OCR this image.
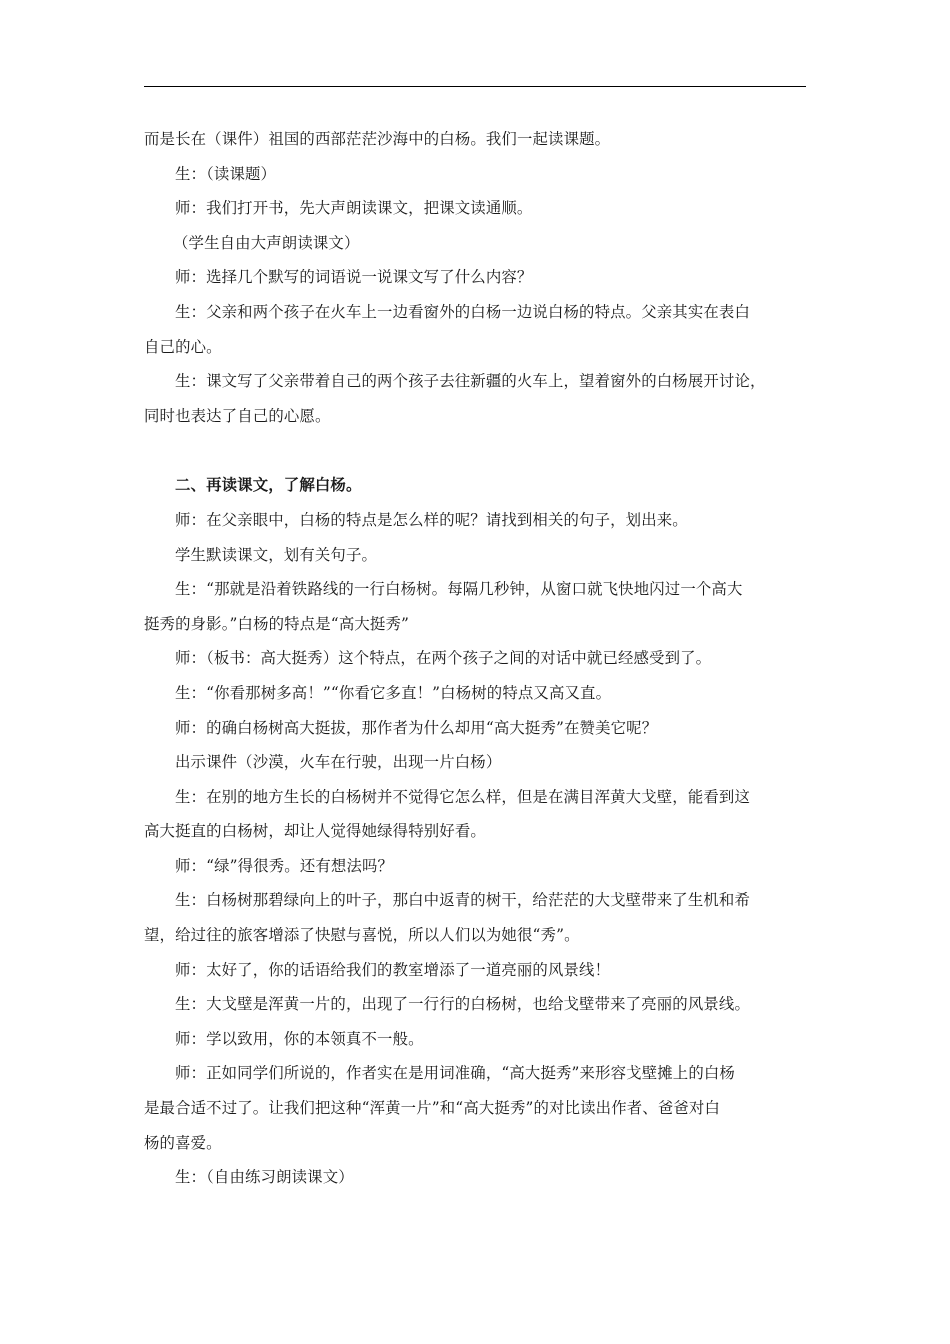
而是长在（课件）祖国的西部茫茫沙海中的白杨。我们一起读课题。
生：（读课题）
师：我们打开书，先大声朗读课文，把课文读通顺。
（学生自由大声朗读课文）
师：选择几个默写的词语说一说课文写了什么内容？
生：父亲和两个孩子在火车上一边看窗外的白杨一边说白杨的特点。父亲其实在表白
自己的心。
生：课文写了父亲带着自己的两个孩子去往新疆的火车上，望着窗外的白杨展开讨论，
同时也表达了自己的心愿。
二、再读课文，了解白杨。
师：在父亲眼中，白杨的特点是怎么样的呢？请找到相关的句子，划出来。
学生默读课文，划有关句子。
生：“那就是沿着铁路线的一行白杨树。每隔几秒钟，从窗口就飞快地闪过一个高大
挺秀的身影。”白杨的特点是“高大挺秀”
师：（板书：高大挺秀）这个特点，在两个孩子之间的对话中就已经感受到了。
生：“你看那树多高！”“你看它多直！”白杨树的特点又高又直。
师：的确白杨树高大挺拔，那作者为什么却用“高大挺秀”在赞美它呢？
出示课件（沙漠，火车在行驶，出现一片白杨）
生：在别的地方生长的白杨树并不觉得它怎么样，但是在满目浑黄大戈壁，能看到这
高大挺直的白杨树，却让人觉得她绿得特别好看。
师：“绿”得很秀。还有想法吗？
生：白杨树那碧绿向上的叶子，那白中返青的树干，给茫茫的大戈壁带来了生机和希
望，给过往的旅客增添了快慰与喜悦，所以人们以为她很“秀”。
师：太好了，你的话语给我们的教室增添了一道亮丽的风景线！
生：大戈壁是浑黄一片的，出现了一行行的白杨树，也给戈壁带来了亮丽的风景线。
师：学以致用，你的本领真不一般。
师：正如同学们所说的，作者实在是用词准确，“高大挺秀”来形容戈壁摊上的白杨
是最合适不过了。让我们把这种“浑黄一片”和“高大挺秀”的对比读出作者、爸爸对白
杨的喜爱。
生：（自由练习朗读课文）
